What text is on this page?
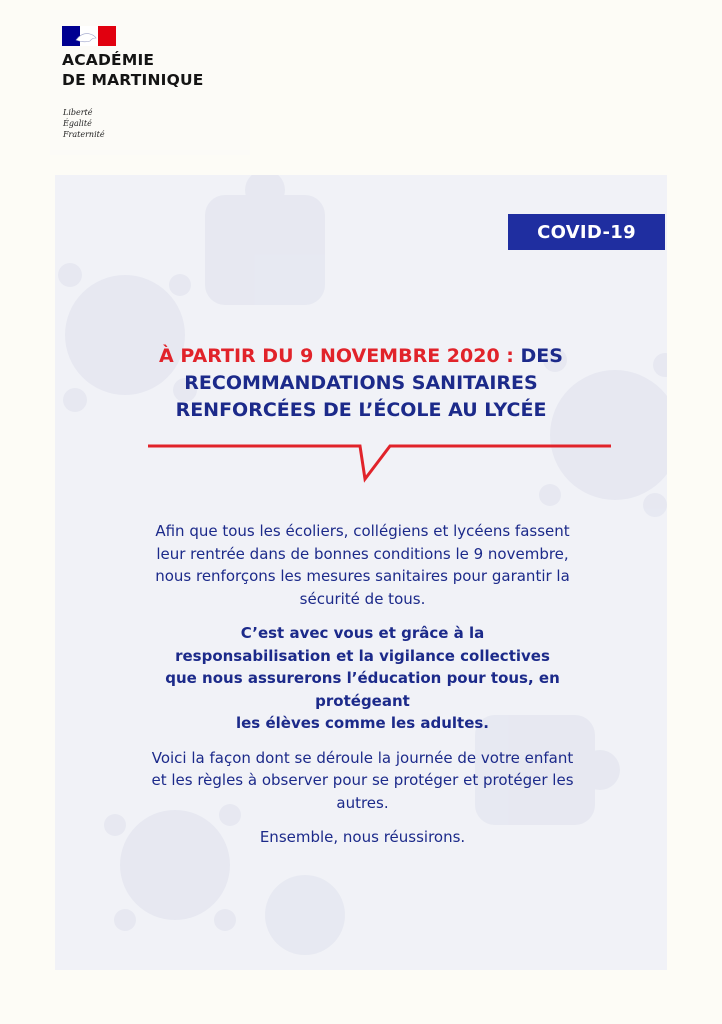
ACADÉMIE
DE MARTINIQUE
Liberté
Égalité
Fraternité
COVID-19
À PARTIR DU 9 NOVEMBRE 2020 : DES
RECOMMANDATIONS SANITAIRES
RENFORCÉES DE L’ÉCOLE AU LYCÉE

Afin que tous les écoliers, collégiens et lycéens fassent leur rentrée dans de bonnes conditions le 9 novembre, nous renforçons les mesures sanitaires pour garantir la sécurité de tous.

C’est avec vous et grâce à la
responsabilisation et la vigilance collectives
que nous assurerons l’éducation pour tous, en
protégeant
les élèves comme les adultes.

Voici la façon dont se déroule la journée de votre enfant et les règles à observer pour se protéger et protéger les autres.

Ensemble, nous réussirons.
